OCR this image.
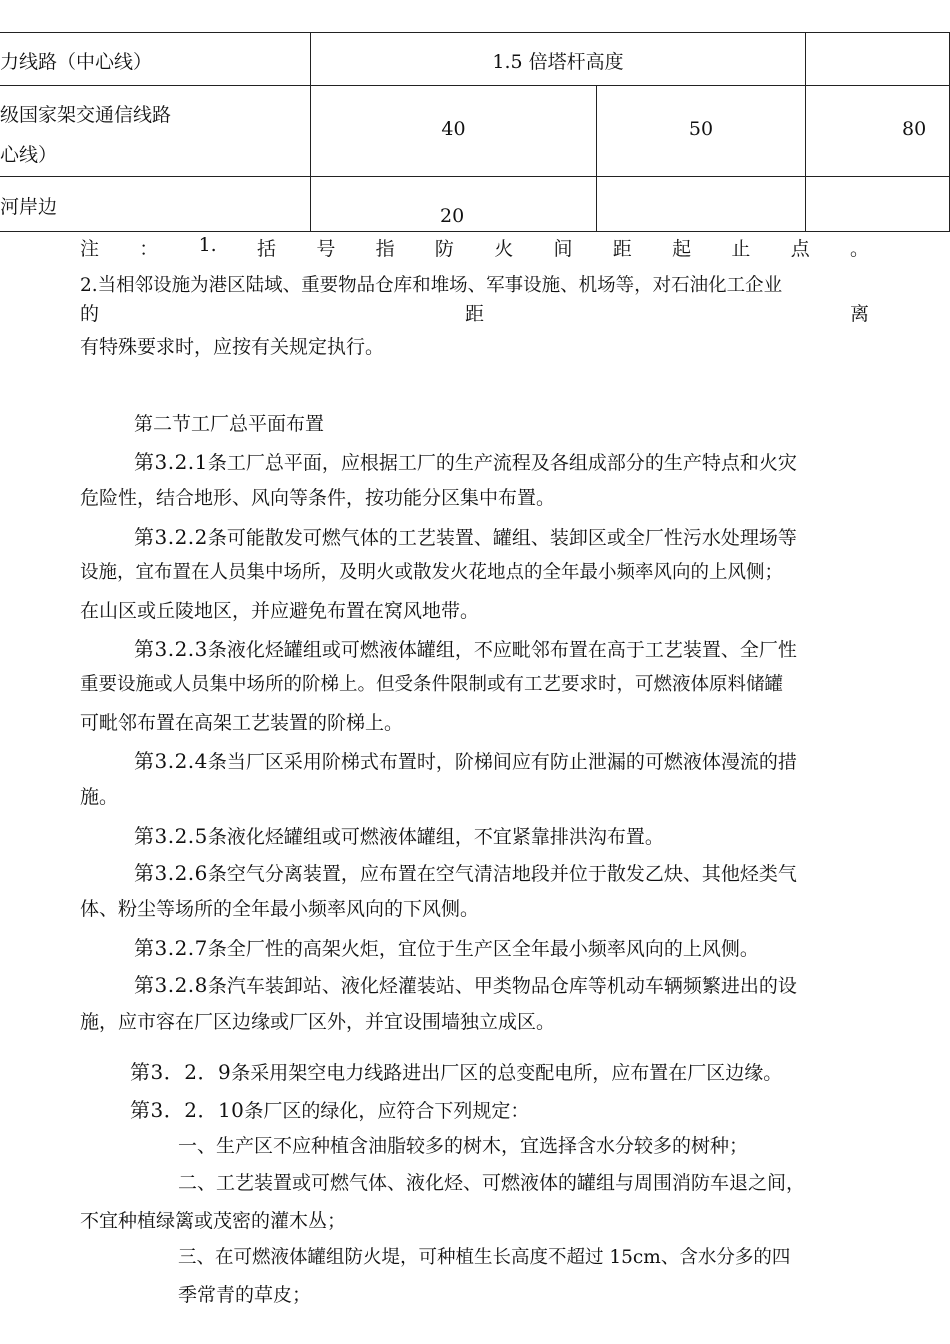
力线路（中心线）	1.5 倍塔杆高度
级国家架交通信线路
心线）
40	50	80
河岸边	20
注 ： 1. 括 号 指 防 火 间 距 起 止 点 。
2.当相邻设施为港区陆域、重要物品仓库和堆场、军事设施、机场等，对石油化工企业
的	距	离
有特殊要求时，应按有关规定执行。
第二节工厂总平面布置
第3.2.1条工厂总平面，应根据工厂的生产流程及各组成部分的生产特点和火灾
危险性，结合地形、风向等条件，按功能分区集中布置。
第3.2.2条可能散发可燃气体的工艺装置、罐组、装卸区或全厂性污水处理场等
设施，宜布置在人员集中场所，及明火或散发火花地点的全年最小频率风向的上风侧；
在山区或丘陵地区，并应避免布置在窝风地带。
第3.2.3条液化烃罐组或可燃液体罐组，不应毗邻布置在高于工艺装置、全厂性
重要设施或人员集中场所的阶梯上。但受条件限制或有工艺要求时，可燃液体原料储罐
可毗邻布置在高架工艺装置的阶梯上。
第3.2.4条当厂区采用阶梯式布置时，阶梯间应有防止泄漏的可燃液体漫流的措
施。
第3.2.5条液化烃罐组或可燃液体罐组，不宜紧靠排洪沟布置。
第3.2.6条空气分离装置，应布置在空气清洁地段并位于散发乙炔、其他烃类气
体、粉尘等场所的全年最小频率风向的下风侧。
第3.2.7条全厂性的高架火炬，宜位于生产区全年最小频率风向的上风侧。
第3.2.8条汽车装卸站、液化烃灌装站、甲类物品仓库等机动车辆频繁进出的设
施，应市容在厂区边缘或厂区外，并宜设围墙独立成区。
第3．2．9条采用架空电力线路进出厂区的总变配电所，应布置在厂区边缘。
第3．2．10条厂区的绿化，应符合下列规定：
一、生产区不应种植含油脂较多的树木，宜选择含水分较多的树种；
二、工艺装置或可燃气体、液化烃、可燃液体的罐组与周围消防车退之间，
不宜种植绿篱或茂密的灌木丛；
三、在可燃液体罐组防火堤，可种植生长高度不超过 15cm、含水分多的四
季常青的草皮；
